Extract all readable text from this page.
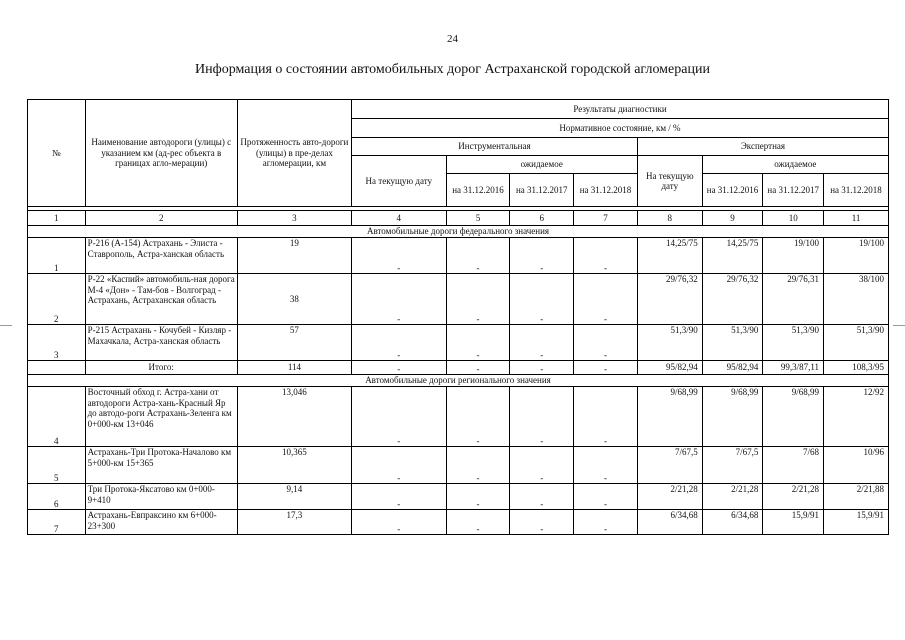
24
Информация о состоянии автомобильных дорог Астраханской городской агломерации
№	Наименование автодороги (улицы) с указанием км (ад-рес объекта в границах агло-мерации)	Протяженность авто-дороги (улицы) в пре-делах агломерации, км	Результаты диагностики							
			Нормативное состояние, км / %							
			Инструментальная				Экспертная			
			На текущую дату	ожидаемое			На текущую дату	ожидаемое		
				на 31.12.2016	на 31.12.2017	на 31.12.2018		на 31.12.2016	на 31.12.2017	на 31.12.2018

1	2	3	4	5	6	7	8	9	10	11
Автомобильные дороги федерального значения										
1	Р-216 (А-154) Астрахань - Элиста - Ставрополь, Астра-ханская область	19	-	-	-	-	14,25/75	14,25/75	19/100	19/100
2	Р-22 «Каспий» автомобиль-ная дорога М-4 «Дон» - Там-бов - Волгоград - Астрахань, Астраханская область	38	-	-	-	-	29/76,32	29/76,32	29/76,31	38/100
3	Р-215 Астрахань - Кочубей - Кизляр - Махачкала, Астра-ханская область	57	-	-	-	-	51,3/90	51,3/90	51,3/90	51,3/90
	Итого:	114	-	-	-	-	95/82,94	95/82,94	99,3/87,11	108,3/95
Автомобильные дороги регионального значения										
4	Восточный обход г. Астра-хани от автодороги Астра-хань-Красный Яр до автодо-роги Астрахань-Зеленга км 0+000-км 13+046	13,046	-	-	-	-	9/68,99	9/68,99	9/68,99	12/92
5	Астрахань-Три Протока-Началово км 5+000-км 15+365	10,365	-	-	-	-	7/67,5	7/67,5	7/68	10/96
6	Три Протока-Яксатово км 0+000-9+410	9,14	-	-	-	-	2/21,28	2/21,28	2/21,28	2/21,88
7	Астрахань-Евпраксино км 6+000-23+300	17,3	-	-	-	-	6/34,68	6/34,68	15,9/91	15,9/91
